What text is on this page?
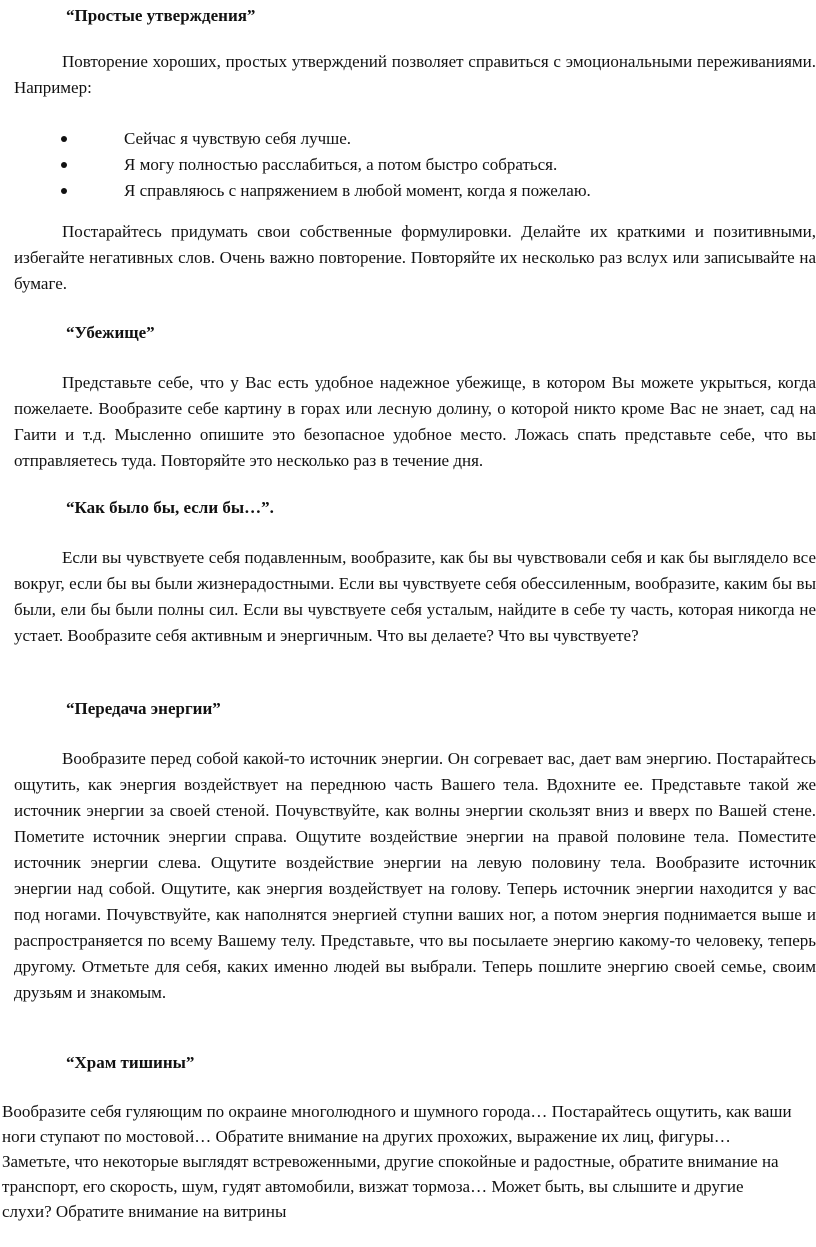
“Простые утверждения”

Повторение хороших, простых утверждений позволяет справиться с эмоциональными переживаниями. Например:

Сейчас я чувствую себя лучше.
Я могу полностью расслабиться, а потом быстро собраться.
Я справляюсь с напряжением в любой момент, когда я пожелаю.

Постарайтесь придумать свои собственные формулировки. Делайте их краткими и позитивными, избегайте негативных слов. Очень важно повторение. Повторяйте их несколько раз вслух или записывайте на бумаге.

“Убежище”

Представьте себе, что у Вас есть удобное надежное убежище, в котором Вы можете укрыться, когда пожелаете. Вообразите себе картину в горах или лесную долину, о которой никто кроме Вас не знает, сад на Гаити и т.д. Мысленно опишите это безопасное удобное место. Ложась спать представьте себе, что вы отправляетесь туда. Повторяйте это несколько раз в течение дня.

“Как было бы, если бы…”.

Если вы чувствуете себя подавленным, вообразите, как бы вы чувствовали себя и как бы выглядело все вокруг, если бы вы были жизнерадостными. Если вы чувствуете себя обессиленным, вообразите, каким бы вы были, ели бы были полны сил. Если вы чувствуете себя усталым, найдите в себе ту часть, которая никогда не устает. Вообразите себя активным и энергичным. Что вы делаете? Что вы чувствуете?

“Передача энергии”

Вообразите перед собой какой-то источник энергии. Он согревает вас, дает вам энергию. Постарайтесь ощутить, как энергия воздействует на переднюю часть Вашего тела. Вдохните ее. Представьте такой же источник энергии за своей стеной. Почувствуйте, как волны энергии скользят вниз и вверх по Вашей стене. Пометите источник энергии справа. Ощутите воздействие энергии на правой половине тела. Поместите источник энергии слева. Ощутите воздействие энергии на левую половину тела. Вообразите источник энергии над собой. Ощутите, как энергия воздействует на голову. Теперь источник энергии находится у вас под ногами. Почувствуйте, как наполнятся энергией ступни ваших ног, а потом энергия поднимается выше и распространяется по всему Вашему телу. Представьте, что вы посылаете энергию какому-то человеку, теперь другому. Отметьте для себя, каких именно людей вы выбрали. Теперь пошлите энергию своей семье, своим друзьям и знакомым.

“Храм тишины”

Вообразите себя гуляющим по окраине многолюдного и шумного города… Постарайтесь ощутить, как ваши ноги ступают по мостовой… Обратите внимание на других прохожих, выражение их лиц, фигуры… Заметьте, что некоторые выглядят встревоженными, другие спокойные и радостные, обратите внимание на транспорт, его скорость, шум, гудят автомобили, визжат тормоза… Может быть, вы слышите и другие слухи? Обратите внимание на витрины
